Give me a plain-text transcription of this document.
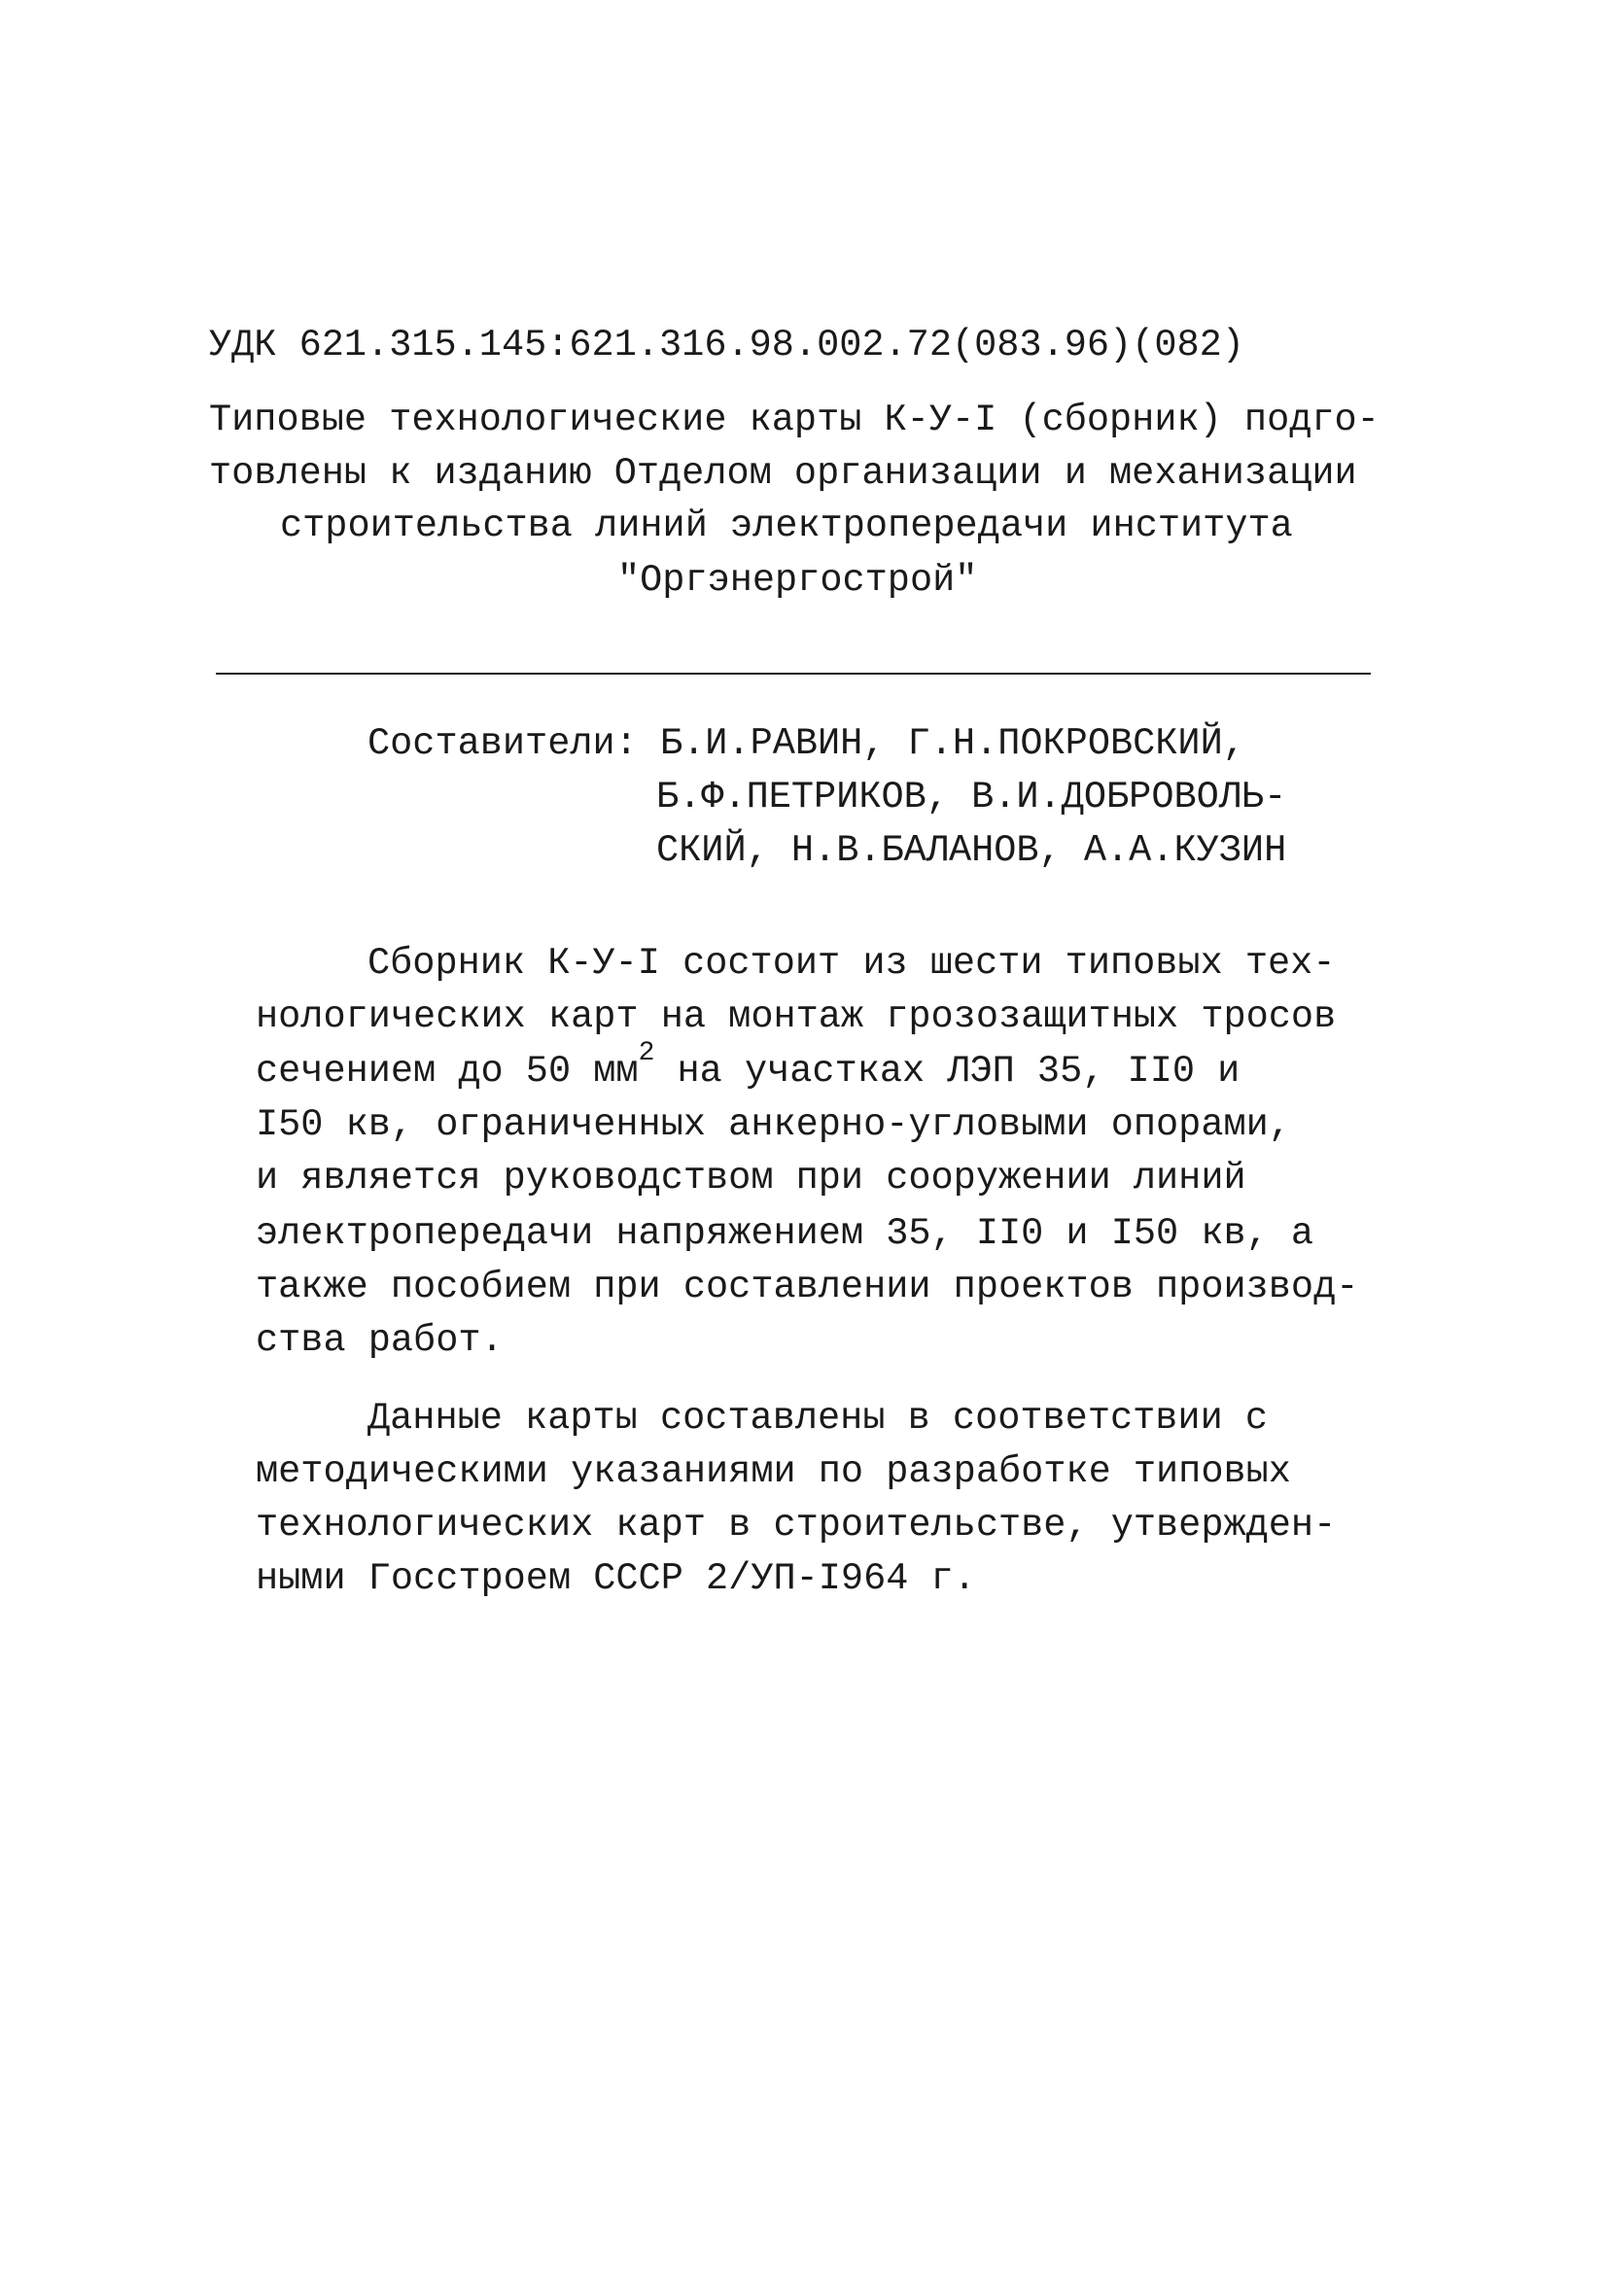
УДК 621.315.145:621.316.98.002.72(083.96)(082)
Типовые технологические карты К-У-I (сборник) подго-
товлены к изданию Отделом организации и механизации
строительства линий электропередачи института
"Оргэнергострой"
Составители: Б.И.РАВИН, Г.Н.ПОКРОВСКИЙ,
Б.Ф.ПЕТРИКОВ, В.И.ДОБРОВОЛЬ-
СКИЙ, Н.В.БАЛАНОВ, А.А.КУЗИН
Сборник К-У-I состоит из шести типовых тех-
нологических карт на монтаж грозозащитных тросов
сечением до 50 $мм^2$ на участках ЛЭП 35, II0 и
I50 кв, ограниченных анкерно-угловыми опорами,
и является руководством при сооружении линий
электропередачи напряжением 35, II0 и I50 кв, а
также пособием при составлении проектов производ-
ства работ.
Данные карты составлены в соответствии с
методическими указаниями по разработке типовых
технологических карт в строительстве, утвержден-
ными Госстроем СССР 2/УП-I964 г.
